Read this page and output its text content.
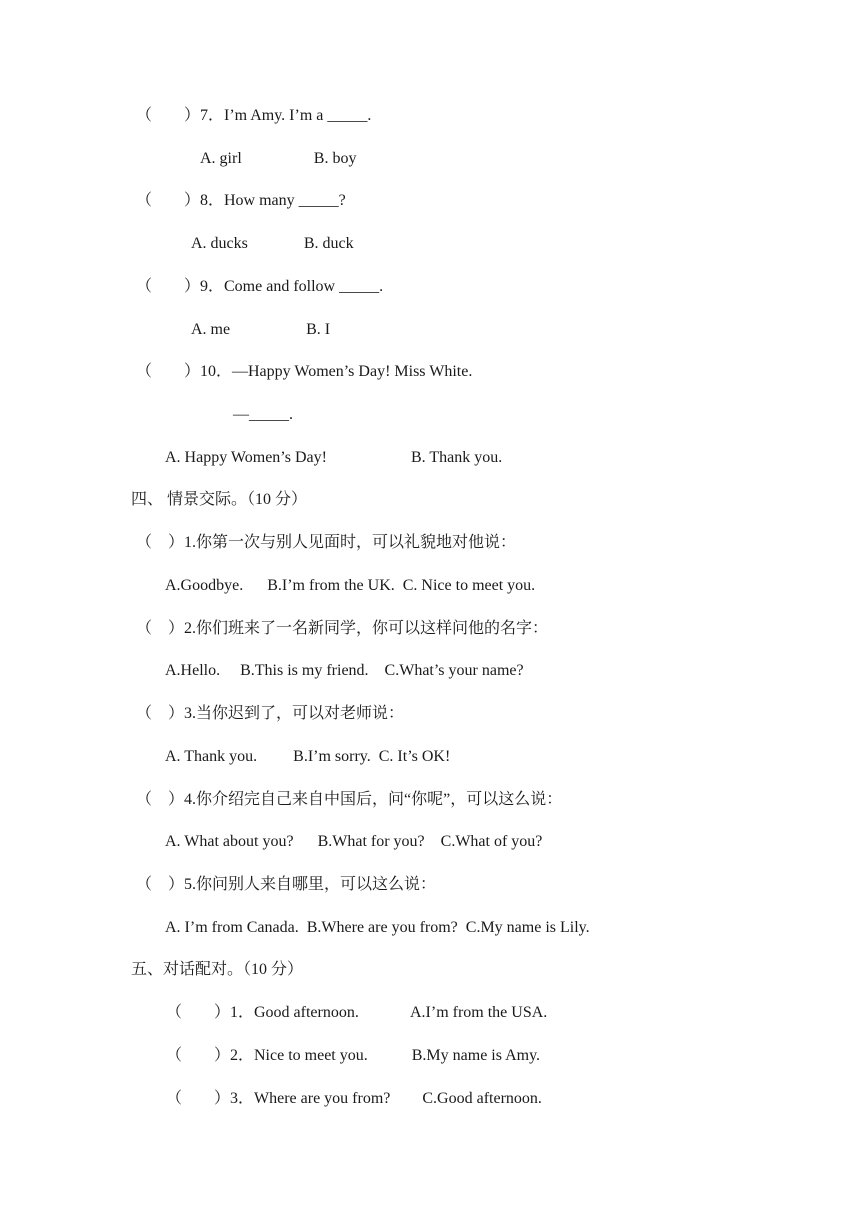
（　　）7．I’m Amy. I’m a _____.
A. girl                  B. boy
（　　）8．How many _____?
A. ducks              B. duck
（　　）9．Come and follow _____.
A. me                   B. I
（　　）10．—Happy Women’s Day! Miss White.
—_____.
A. Happy Women’s Day!                     B. Thank you.
四、 情景交际。（10 分）
（　）1.你第一次与别人见面时，可以礼貌地对他说：
A.Goodbye.      B.I’m from the UK.  C. Nice to meet you.
（　）2.你们班来了一名新同学，你可以这样问他的名字：
A.Hello.     B.This is my friend.    C.What’s your name?
（　）3.当你迟到了，可以对老师说：
A. Thank you.         B.I’m sorry.  C. It’s OK!
（　）4.你介绍完自己来自中国后，问“你呢”，可以这么说：
A. What about you?      B.What for you?    C.What of you?
（　）5.你问别人来自哪里，可以这么说：
A. I’m from Canada.  B.Where are you from?  C.My name is Lily.
五、对话配对。（10 分）
（　　）1．Good afternoon.             A.I’m from the USA.
（　　）2．Nice to meet you.           B.My name is Amy.
（　　）3．Where are you from?        C.Good afternoon.
